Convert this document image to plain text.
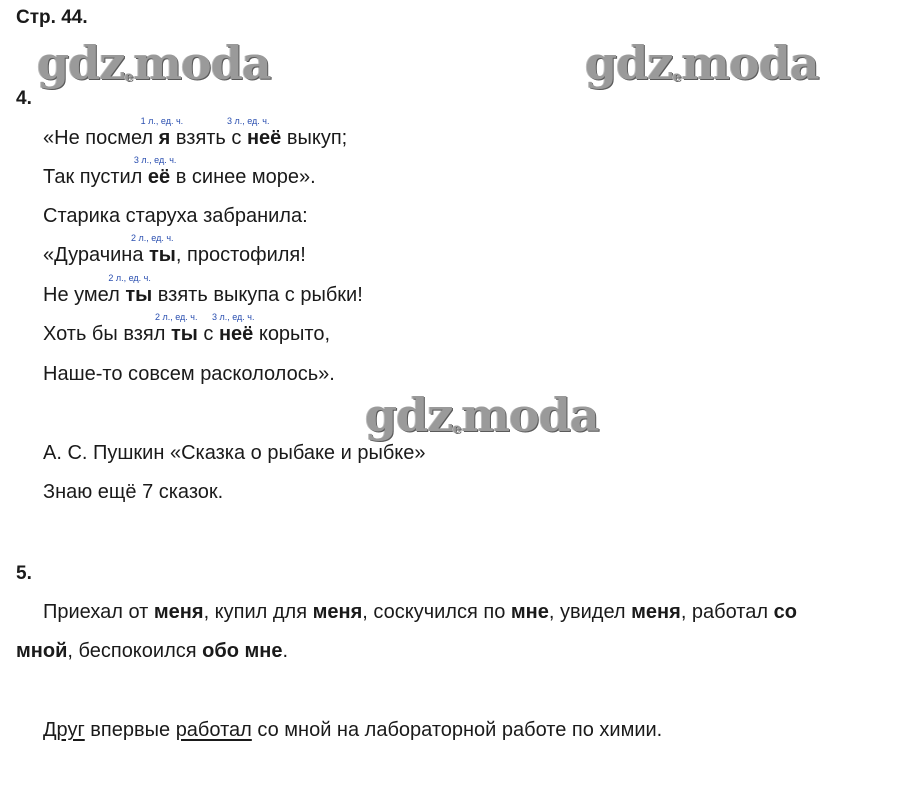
Стр. 44.
gdzemoda	gdzemoda
gdzemoda
4.
«Не посмел
1 л., ед. ч.
я взять с
3 л., ед. ч.
неё выкуп;
Так пустил
3 л., ед. ч.
её в синее море».
Старика старуха забранила:
«Дурачина
2 л., ед. ч.
ты, простофиля!
Не умел
2 л., ед. ч.
ты взять выкупа с рыбки!
Хоть бы взял
2 л., ед. ч.
ты с
3 л., ед. ч.
неё корыто,
Наше-то совсем раскололось».
А. С. Пушкин «Сказка о рыбаке и рыбке»
Знаю ещё 7 сказок.
5.
Приехал от меня, купил для меня, соскучился по мне, увидел меня, работал со
мной, беспокоился обо мне.
Друг впервые работал со мной на лабораторной работе по химии.
